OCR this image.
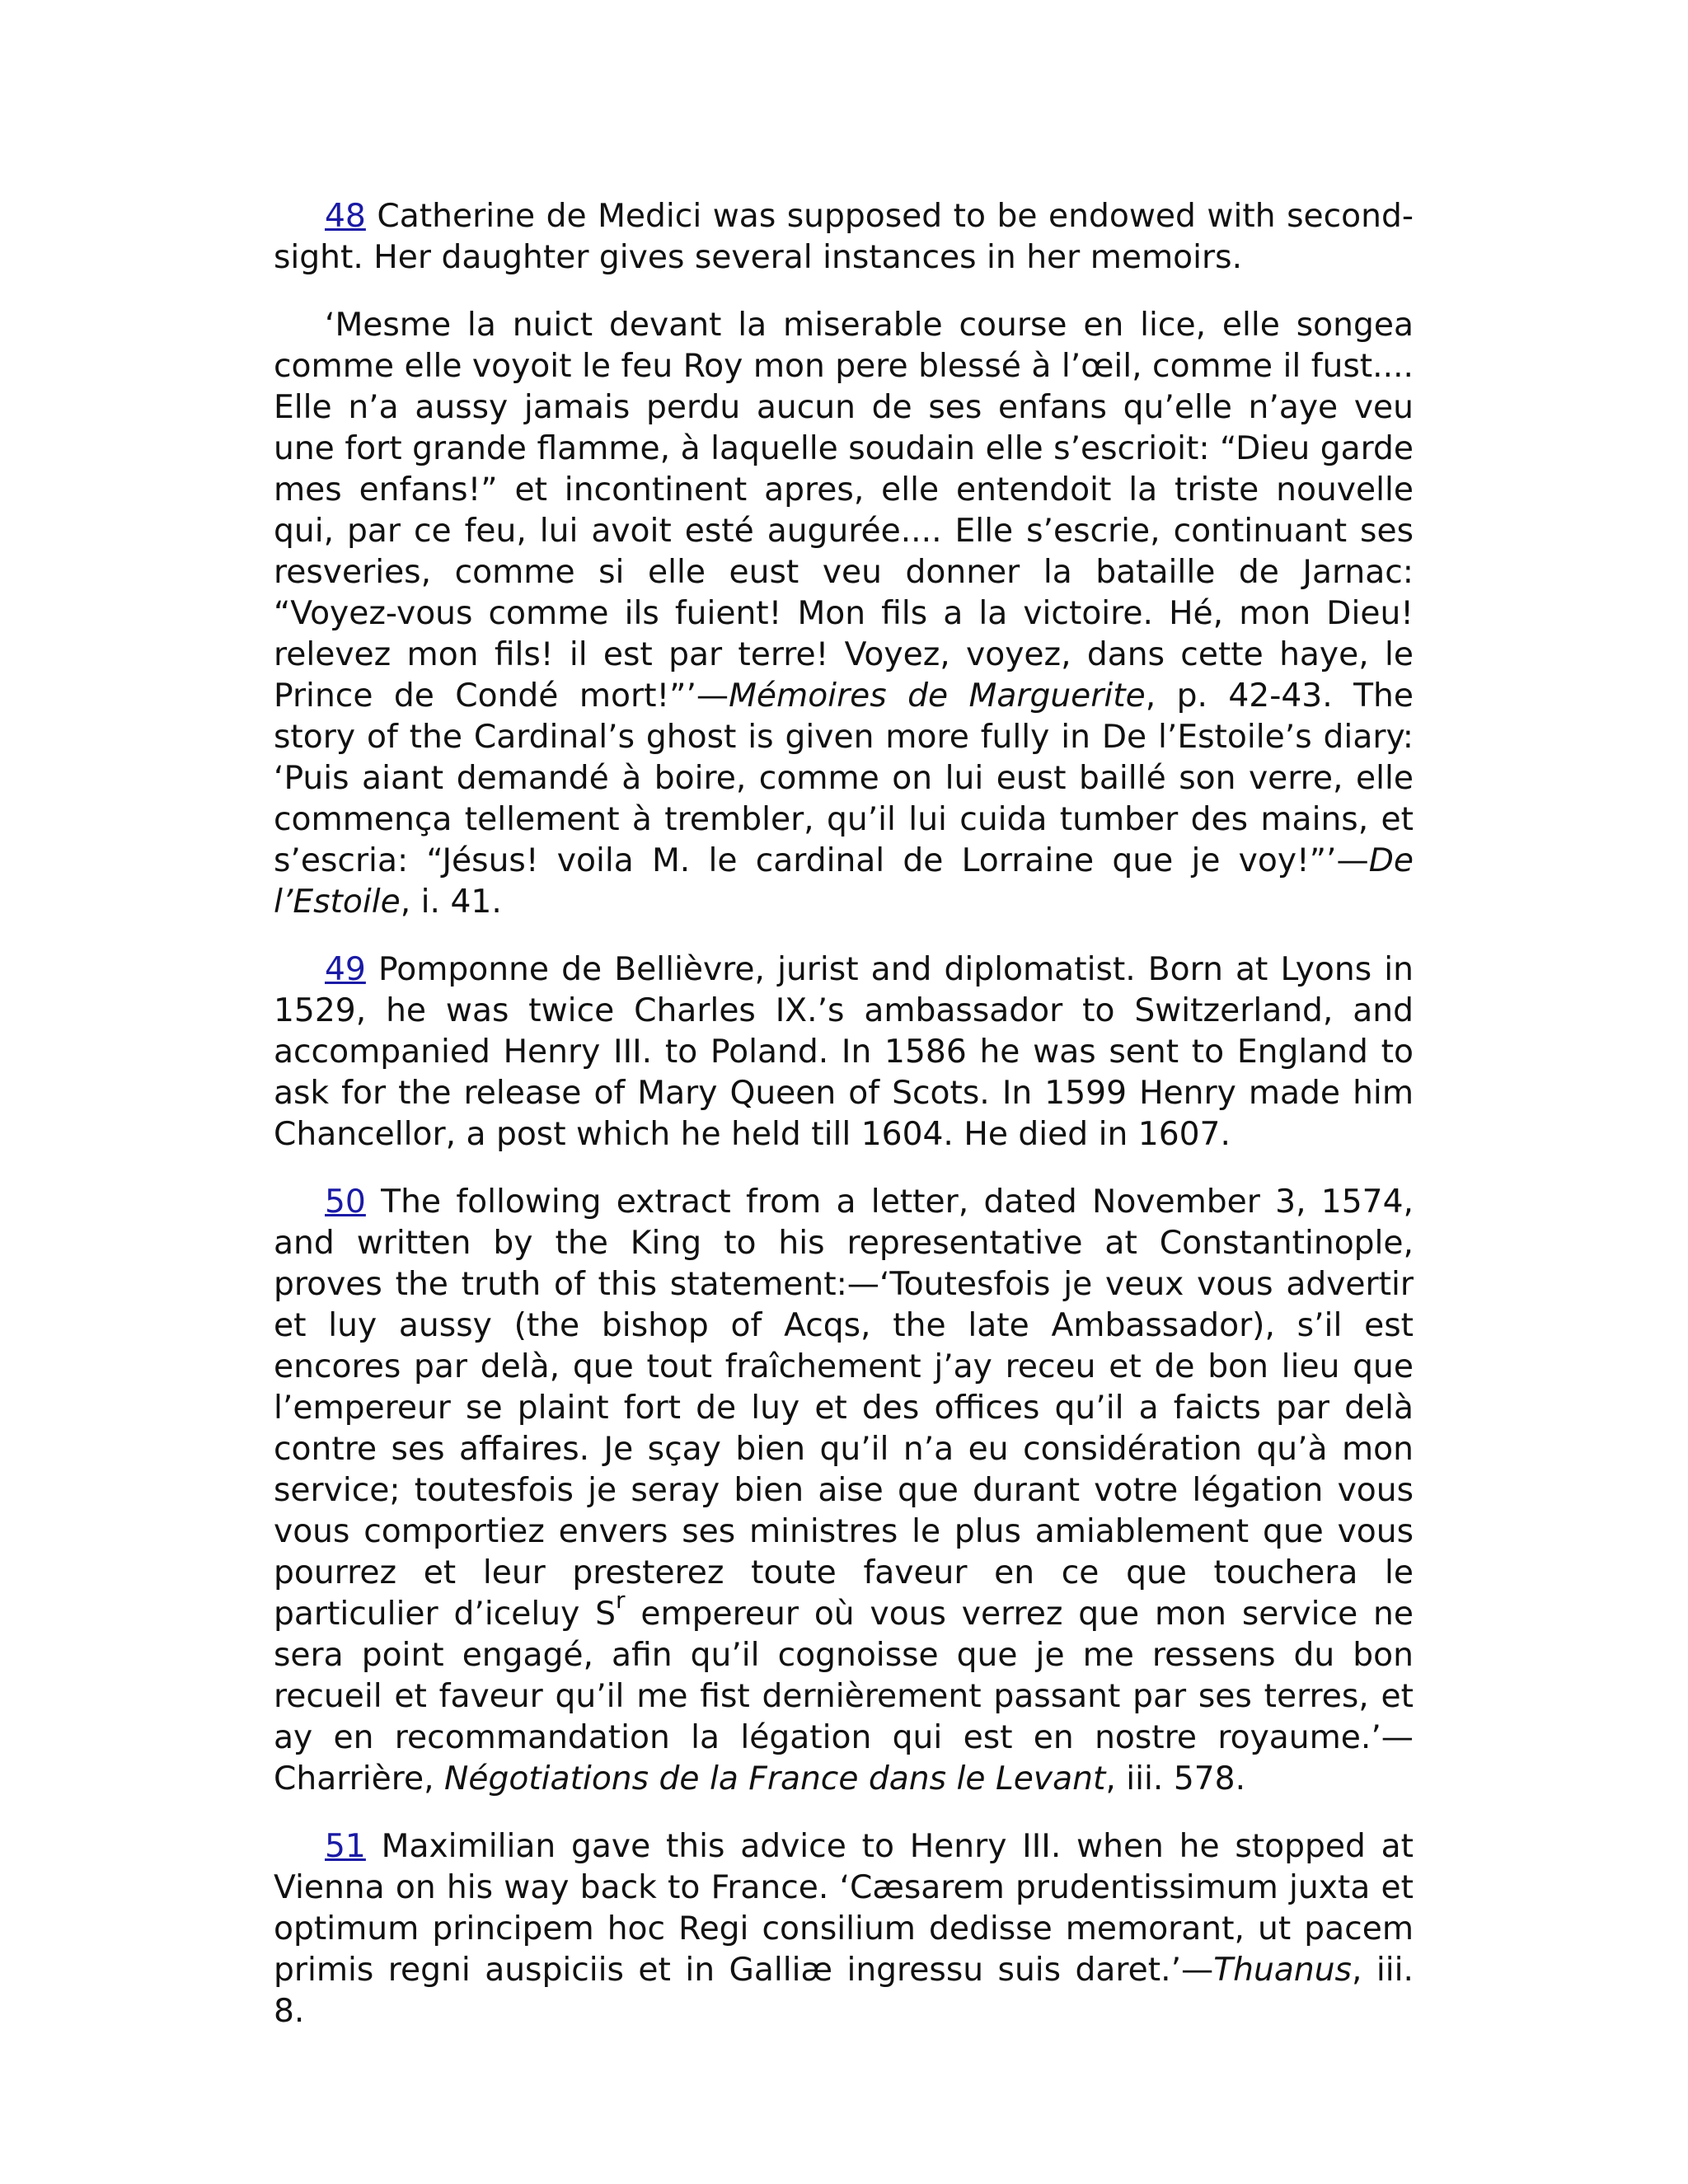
48 Catherine de Medici was supposed to be endowed with second-sight. Her daughter gives several instances in her memoirs.

‘Mesme la nuict devant la miserable course en lice, elle songea comme elle voyoit le feu Roy mon pere blessé à l’œil, comme il fust.... Elle n’a aussy jamais perdu aucun de ses enfans qu’elle n’aye veu une fort grande flamme, à laquelle soudain elle s’escrioit: “Dieu garde mes enfans!” et incontinent apres, elle entendoit la triste nouvelle qui, par ce feu, lui avoit esté augurée.... Elle s’escrie, continuant ses resveries, comme si elle eust veu donner la bataille de Jarnac: “Voyez-vous comme ils fuient! Mon fils a la victoire. Hé, mon Dieu! relevez mon fils! il est par terre! Voyez, voyez, dans cette haye, le Prince de Condé mort!”’—Mémoires de Marguerite, p. 42-43. The story of the Cardinal’s ghost is given more fully in De l’Estoile’s diary: ‘Puis aiant demandé à boire, comme on lui eust baillé son verre, elle commença tellement à trembler, qu’il lui cuida tumber des mains, et s’escria: “Jésus! voila M. le cardinal de Lorraine que je voy!”’—De l’Estoile, i. 41.

49 Pomponne de Bellièvre, jurist and diplomatist. Born at Lyons in 1529, he was twice Charles IX.’s ambassador to Switzerland, and accompanied Henry III. to Poland. In 1586 he was sent to England to ask for the release of Mary Queen of Scots. In 1599 Henry made him Chancellor, a post which he held till 1604. He died in 1607.

50 The following extract from a letter, dated November 3, 1574, and written by the King to his representative at Constantinople, proves the truth of this statement:—‘Toutesfois je veux vous advertir et luy aussy (the bishop of Acqs, the late Ambassador), s’il est encores par delà, que tout fraîchement j’ay receu et de bon lieu que l’empereur se plaint fort de luy et des offices qu’il a faicts par delà contre ses affaires. Je sçay bien qu’il n’a eu considération qu’à mon service; toutesfois je seray bien aise que durant votre légation vous vous comportiez envers ses ministres le plus amiablement que vous pourrez et leur presterez toute faveur en ce que touchera le particulier d’iceluy $S^r$ empereur où vous verrez que mon service ne sera point engagé, afin qu’il cognoisse que je me ressens du bon recueil et faveur qu’il me fist dernièrement passant par ses terres, et ay en recommandation la légation qui est en nostre royaume.’—Charrière, Négotiations de la France dans le Levant, iii. 578.

51 Maximilian gave this advice to Henry III. when he stopped at Vienna on his way back to France. ‘Cæsarem prudentissimum juxta et optimum principem hoc Regi consilium dedisse memorant, ut pacem primis regni auspiciis et in Galliæ ingressu suis daret.’—Thuanus, iii. 8.
